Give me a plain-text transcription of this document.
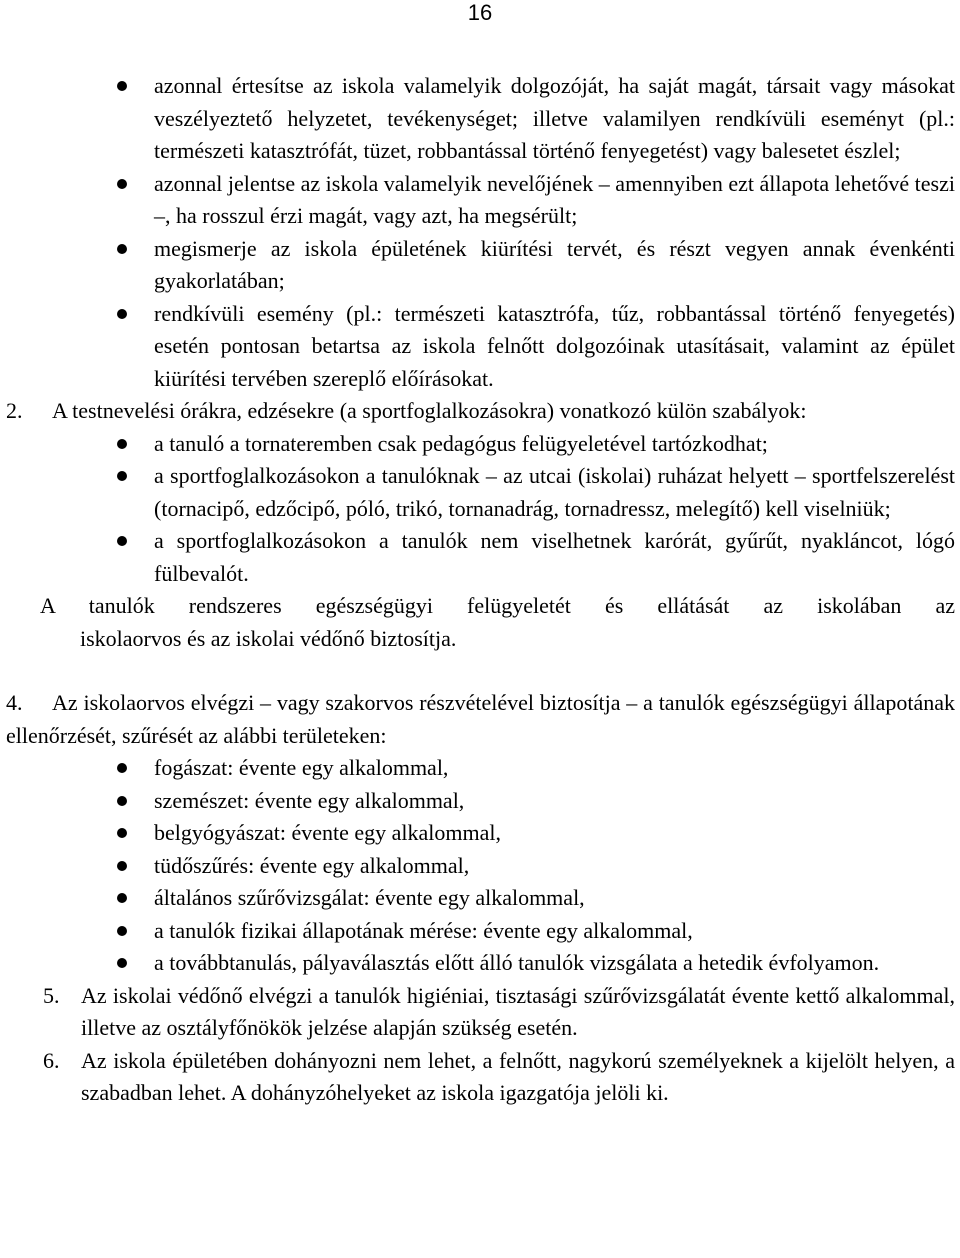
16
azonnal értesítse az iskola valamelyik dolgozóját, ha saját magát, társait vagy másokat veszélyeztető helyzetet, tevékenységet; illetve valamilyen rendkívüli eseményt (pl.: természeti katasztrófát, tüzet, robbantással történő fenyegetést) vagy balesetet észlel;
azonnal jelentse az iskola valamelyik nevelőjének – amennyiben ezt állapota lehetővé teszi –, ha rosszul érzi magát, vagy azt, ha megsérült;
megismerje az iskola épületének kiürítési tervét, és részt vegyen annak évenkénti gyakorlatában;
rendkívüli esemény (pl.: természeti katasztrófa, tűz, robbantással történő fenyegetés) esetén pontosan betartsa az iskola felnőtt dolgozóinak utasításait, valamint az épület kiürítési tervében szereplő előírásokat.

2. A testnevelési órákra, edzésekre (a sportfoglalkozásokra) vonatkozó külön szabályok:

a tanuló a tornateremben csak pedagógus felügyeletével tartózkodhat;
a sportfoglalkozásokon a tanulóknak – az utcai (iskolai) ruházat helyett – sportfelszerelést (tornacipő, edzőcipő, póló, trikó, tornanadrág, tornadressz, melegítő) kell viselniük;
a sportfoglalkozásokon a tanulók nem viselhetnek karórát, gyűrűt, nyakláncot, lógó fülbevalót.

A tanulók rendszeres egészségügyi felügyeletét és ellátását az iskolában az
iskolaorvos és az iskolai védőnő biztosítja.

4. Az iskolaorvos elvégzi – vagy szakorvos részvételével biztosítja – a tanulók egészségügyi állapotának ellenőrzését, szűrését az alábbi területeken:

fogászat: évente egy alkalommal,
szemészet: évente egy alkalommal,
belgyógyászat: évente egy alkalommal,
tüdőszűrés: évente egy alkalommal,
általános szűrővizsgálat: évente egy alkalommal,
a tanulók fizikai állapotának mérése: évente egy alkalommal,
a továbbtanulás, pályaválasztás előtt álló tanulók vizsgálata a hetedik évfolyamon.
5. Az iskolai védőnő elvégzi a tanulók higiéniai, tisztasági szűrővizsgálatát évente kettő alkalommal, illetve az osztályfőnökök jelzése alapján szükség esetén.
6. Az iskola épületében dohányozni nem lehet, a felnőtt, nagykorú személyeknek a kijelölt helyen, a szabadban lehet. A dohányzóhelyeket az iskola igazgatója jelöli ki.
